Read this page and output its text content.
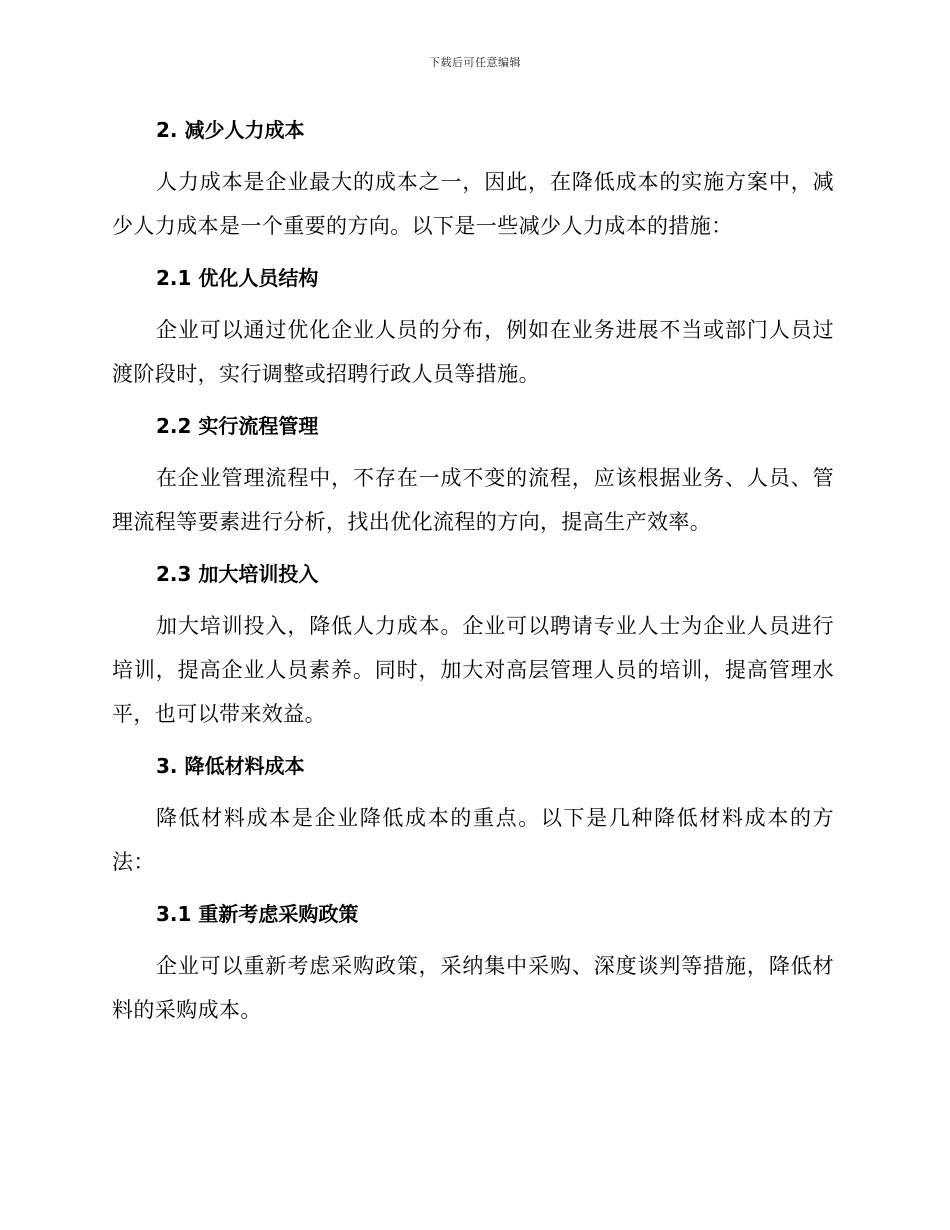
下载后可任意编辑
2. 减少人力成本

人力成本是企业最大的成本之一，因此，在降低成本的实施方案中，减少人力成本是一个重要的方向。以下是一些减少人力成本的措施：

2.1 优化人员结构

企业可以通过优化企业人员的分布，例如在业务进展不当或部门人员过渡阶段时，实行调整或招聘行政人员等措施。

2.2 实行流程管理

在企业管理流程中，不存在一成不变的流程，应该根据业务、人员、管理流程等要素进行分析，找出优化流程的方向，提高生产效率。

2.3 加大培训投入

加大培训投入，降低人力成本。企业可以聘请专业人士为企业人员进行培训，提高企业人员素养。同时，加大对高层管理人员的培训，提高管理水平，也可以带来效益。

3. 降低材料成本

降低材料成本是企业降低成本的重点。以下是几种降低材料成本的方法：

3.1 重新考虑采购政策

企业可以重新考虑采购政策，采纳集中采购、深度谈判等措施，降低材料的采购成本。
